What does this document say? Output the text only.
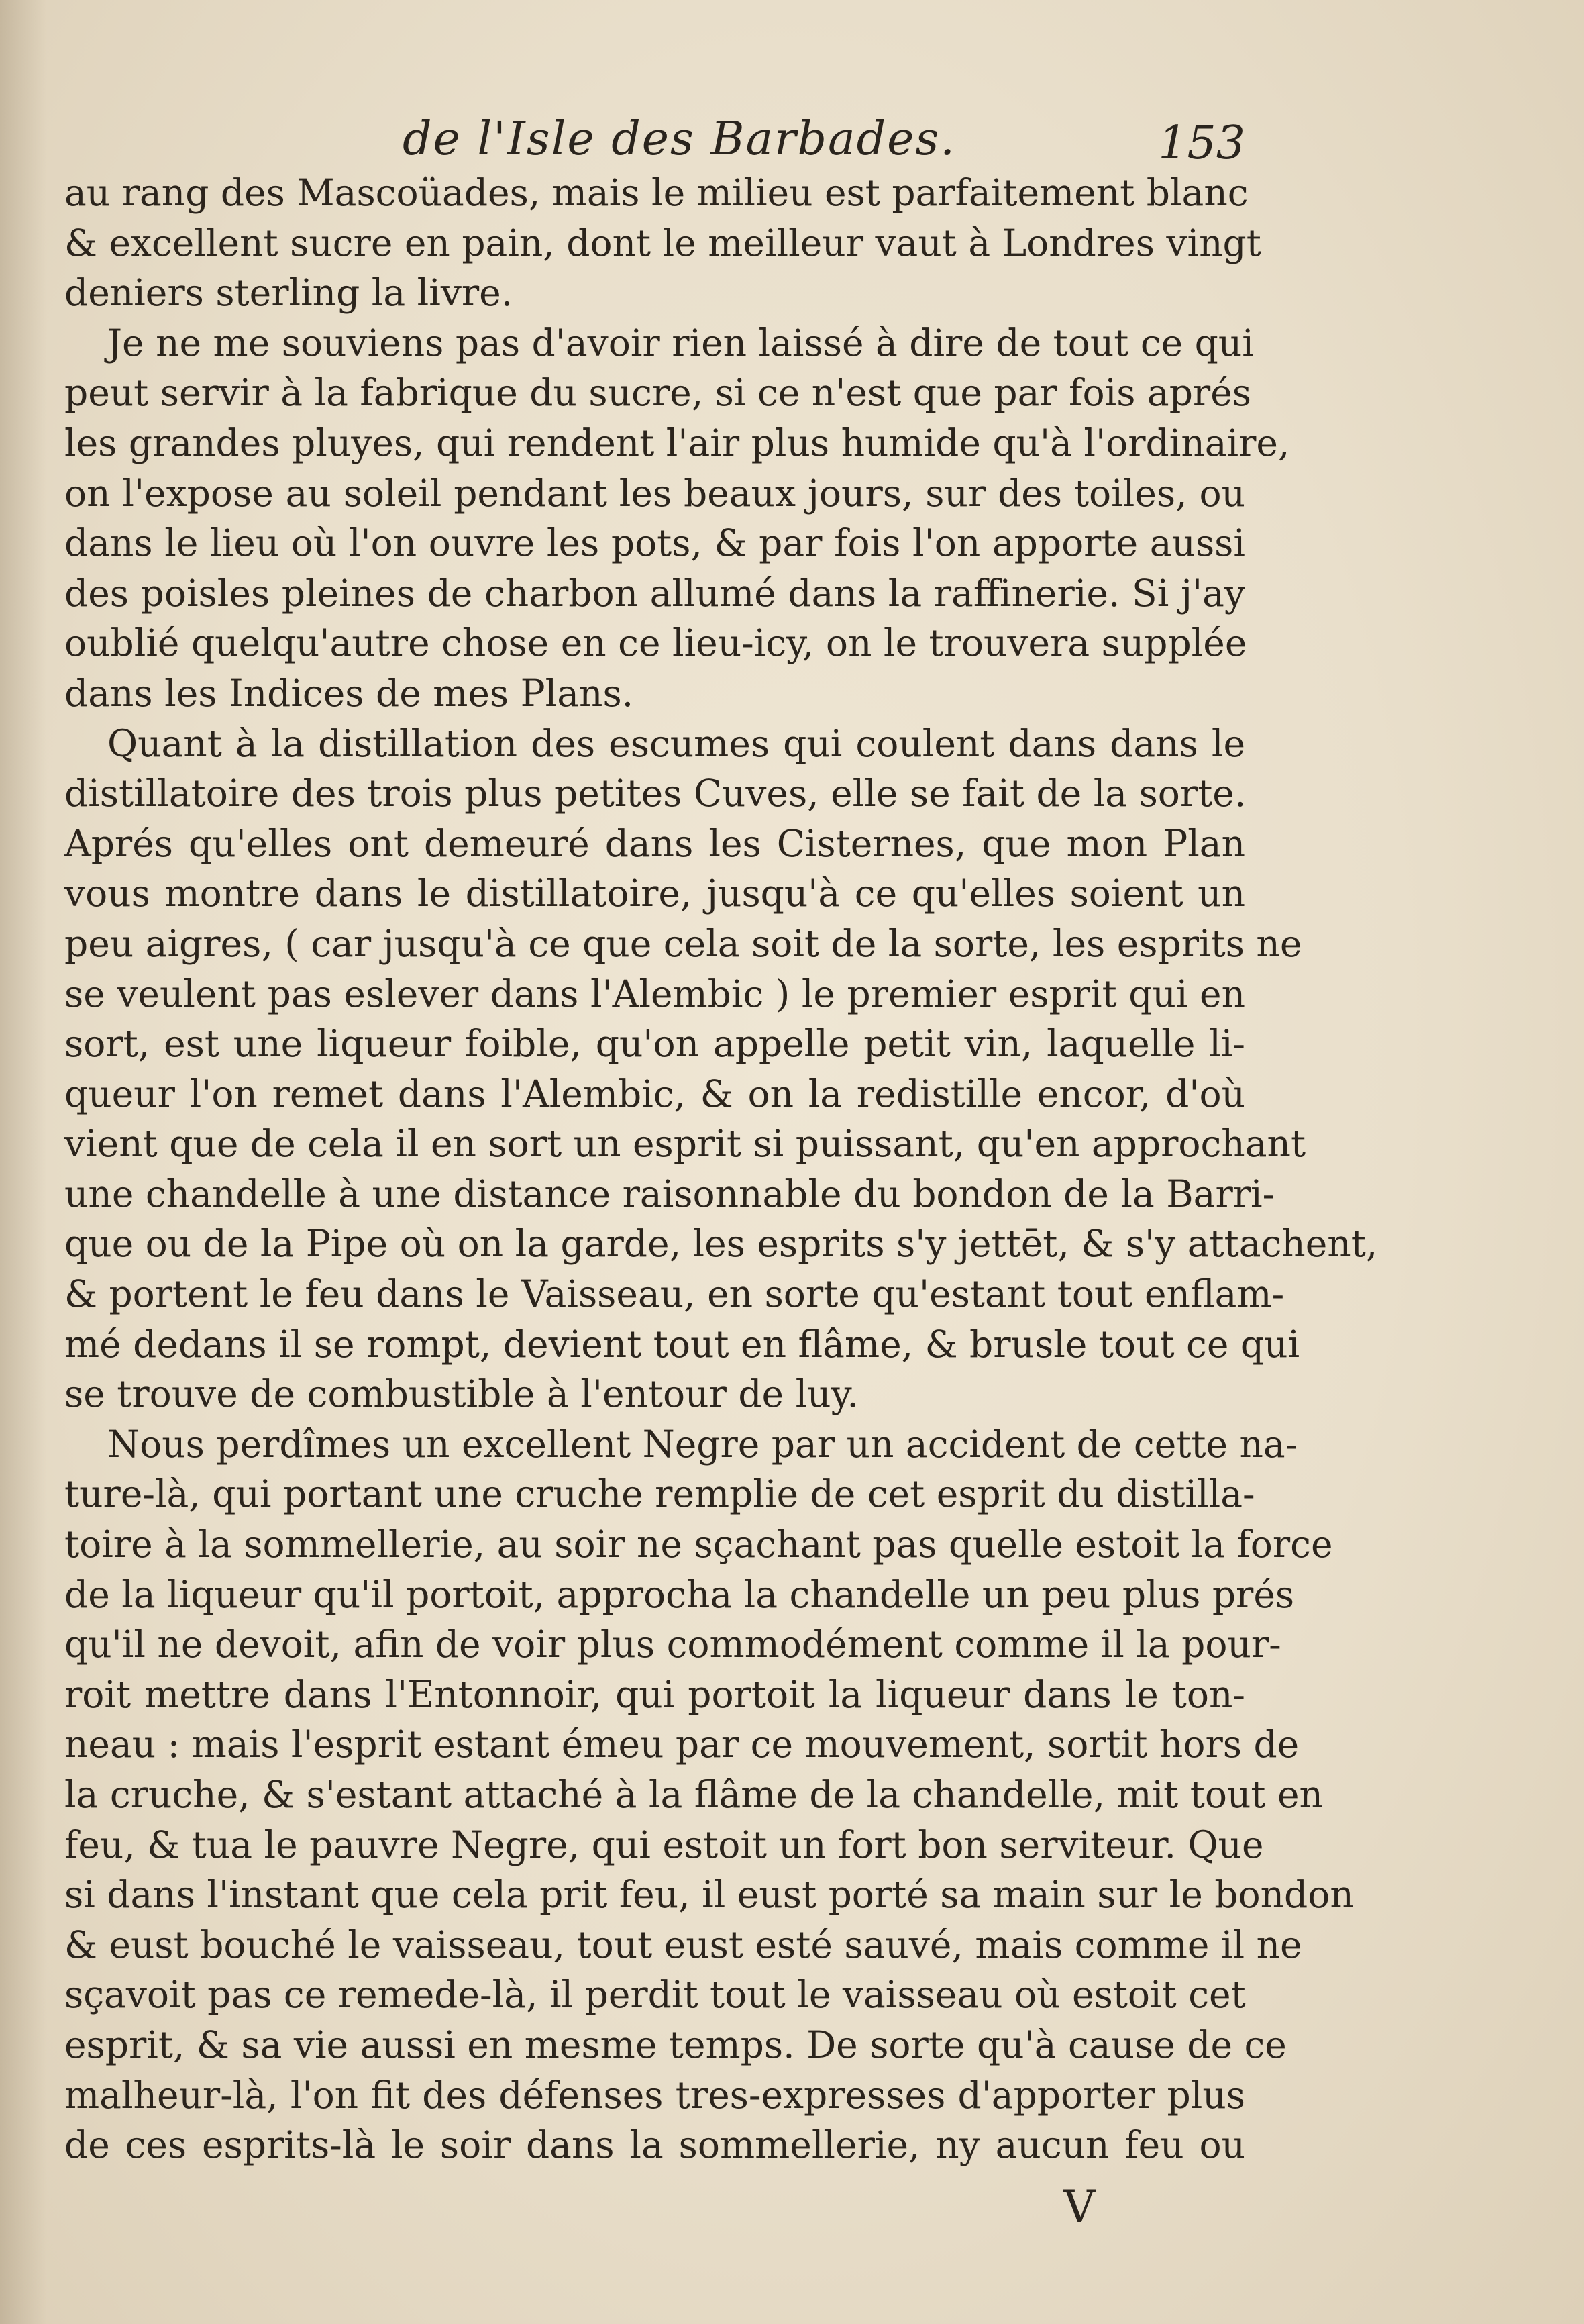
de l'Isle des Barbades.	153
au rang des Mascoüades, mais le milieu est parfaitement blanc
& excellent sucre en pain, dont le meilleur vaut à Londres vingt
deniers sterling la livre.
Je ne me souviens pas d'avoir rien laissé à dire de tout ce qui
peut servir à la fabrique du sucre, si ce n'est que par fois aprés
les grandes pluyes, qui rendent l'air plus humide qu'à l'ordinaire,
on l'expose au soleil pendant les beaux jours, sur des toiles, ou
dans le lieu où l'on ouvre les pots, & par fois l'on apporte aussi
des poisles pleines de charbon allumé dans la raffinerie. Si j'ay
oublié quelqu'autre chose en ce lieu-icy, on le trouvera supplée
dans les Indices de mes Plans.
Quant à la distillation des escumes qui coulent dans dans le
distillatoire des trois plus petites Cuves, elle se fait de la sorte.
Aprés qu'elles ont demeuré dans les Cisternes, que mon Plan
vous montre dans le distillatoire, jusqu'à ce qu'elles soient un
peu aigres, ( car jusqu'à ce que cela soit de la sorte, les esprits ne
se veulent pas eslever dans l'Alembic ) le premier esprit qui en
sort, est une liqueur foible, qu'on appelle petit vin, laquelle li-
queur l'on remet dans l'Alembic, & on la redistille encor, d'où
vient que de cela il en sort un esprit si puissant, qu'en approchant
une chandelle à une distance raisonnable du bondon de la Barri-
que ou de la Pipe où on la garde, les esprits s'y jettēt, & s'y attachent,
& portent le feu dans le Vaisseau, en sorte qu'estant tout enflam-
mé dedans il se rompt, devient tout en flâme, & brusle tout ce qui
se trouve de combustible à l'entour de luy.
Nous perdîmes un excellent Negre par un accident de cette na-
ture-là, qui portant une cruche remplie de cet esprit du distilla-
toire à la sommellerie, au soir ne sçachant pas quelle estoit la force
de la liqueur qu'il portoit, approcha la chandelle un peu plus prés
qu'il ne devoit, afin de voir plus commodément comme il la pour-
roit mettre dans l'Entonnoir, qui portoit la liqueur dans le ton-
neau : mais l'esprit estant émeu par ce mouvement, sortit hors de
la cruche, & s'estant attaché à la flâme de la chandelle, mit tout en
feu, & tua le pauvre Negre, qui estoit un fort bon serviteur. Que
si dans l'instant que cela prit feu, il eust porté sa main sur le bondon
& eust bouché le vaisseau, tout eust esté sauvé, mais comme il ne
sçavoit pas ce remede-là, il perdit tout le vaisseau où estoit cet
esprit, & sa vie aussi en mesme temps. De sorte qu'à cause de ce
malheur-là, l'on fit des défenses tres-expresses d'apporter plus
de ces esprits-là le soir dans la sommellerie, ny aucun feu ou
V
